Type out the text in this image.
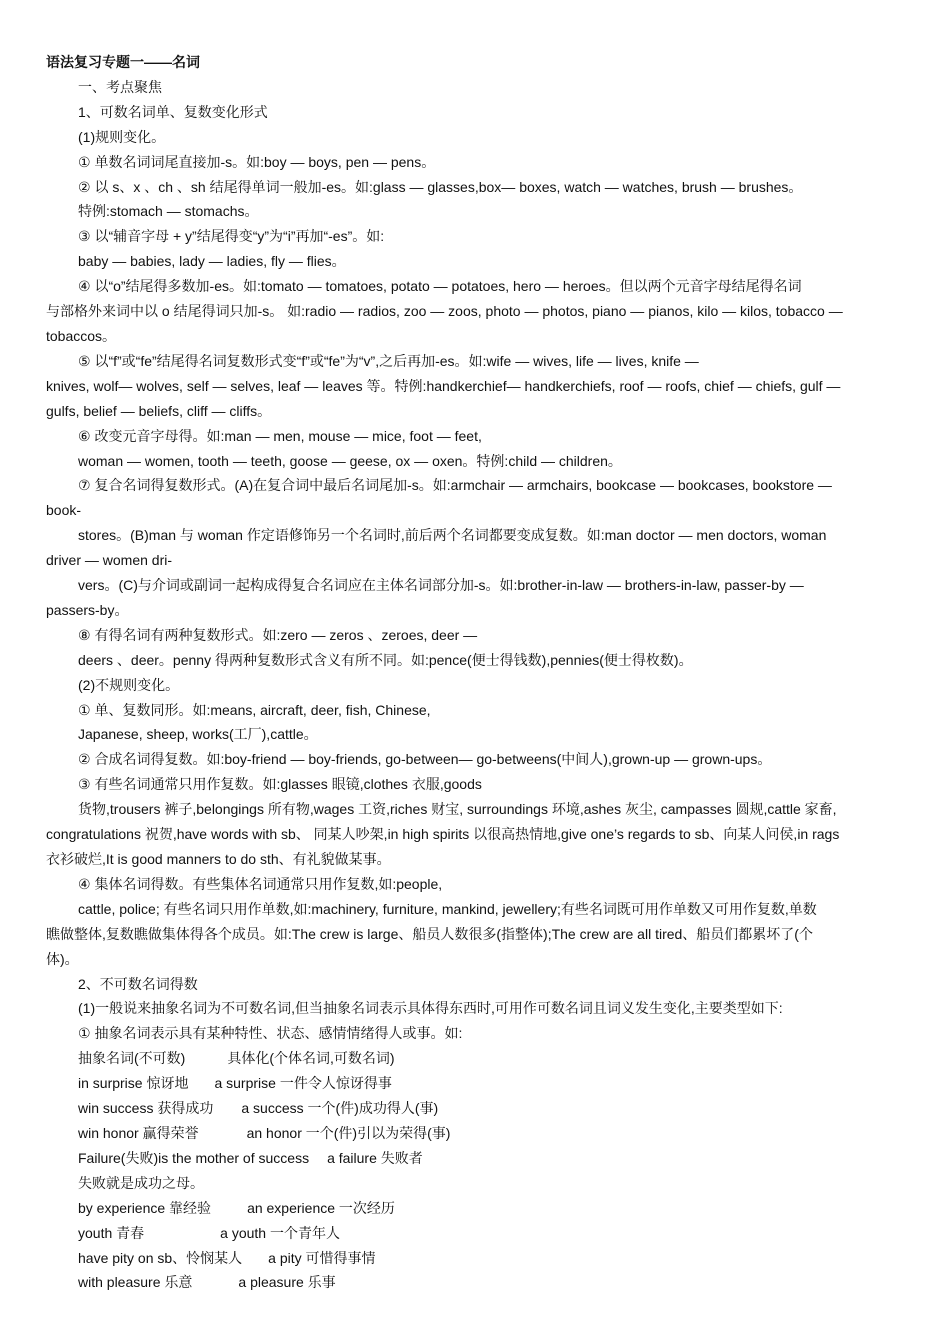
语法复习专题一——名词
一、考点聚焦
1、可数名词单、复数变化形式
(1)规则变化。
① 单数名词词尾直接加-s。如:boy — boys, pen — pens。
② 以 s、x 、ch 、sh 结尾得单词一般加-es。如:glass — glasses,box— boxes, watch — watches, brush — brushes。
特例:stomach — stomachs。
③ 以“辅音字母 + y”结尾得变“y”为“i”再加“-es”。如:
baby — babies, lady — ladies, fly — flies。
④ 以“o”结尾得多数加-es。如:tomato — tomatoes, potato — potatoes, hero — heroes。但以两个元音字母结尾得名词
与部格外来词中以 o 结尾得词只加-s。 如:radio — radios, zoo — zoos, photo — photos, piano — pianos, kilo — kilos, tobacco —
tobaccos。
⑤ 以“f”或“fe”结尾得名词复数形式变“f”或“fe”为“v”,之后再加-es。如:wife — wives, life — lives, knife —
knives, wolf— wolves, self — selves, leaf — leaves 等。特例:handkerchief— handkerchiefs, roof — roofs, chief — chiefs, gulf —
gulfs, belief — beliefs, cliff — cliffs。
⑥ 改变元音字母得。如:man — men, mouse — mice, foot — feet,
woman — women, tooth — teeth, goose — geese, ox — oxen。特例:child — children。
⑦ 复合名词得复数形式。(A)在复合词中最后名词尾加-s。如:armchair — armchairs, bookcase — bookcases, bookstore —
book-
stores。(B)man 与 woman 作定语修饰另一个名词时,前后两个名词都要变成复数。如:man doctor — men doctors, woman
driver — women dri-
vers。(C)与介词或副词一起构成得复合名词应在主体名词部分加-s。如:brother-in-law — brothers-in-law, passer-by —
passers-by。
⑧ 有得名词有两种复数形式。如:zero — zeros 、zeroes, deer —
deers 、deer。penny 得两种复数形式含义有所不同。如:pence(便士得钱数),pennies(便士得枚数)。
(2)不规则变化。
① 单、复数同形。如:means, aircraft, deer, fish, Chinese,
Japanese, sheep, works(工厂),cattle。
② 合成名词得复数。如:boy-friend — boy-friends, go-between— go-betweens(中间人),grown-up — grown-ups。
③ 有些名词通常只用作复数。如:glasses 眼镜,clothes 衣服,goods
货物,trousers 裤子,belongings 所有物,wages 工资,riches 财宝, surroundings 环境,ashes 灰尘, campasses 圆规,cattle 家畜,
congratulations 祝贺,have words with sb、 同某人吵架,in high spirits 以很高热情地,give one’s regards to sb、向某人问侯,in rags
衣衫破烂,It is good manners to do sth、有礼貌做某事。
④ 集体名词得数。有些集体名词通常只用作复数,如:people,
cattle, police; 有些名词只用作单数,如:machinery, furniture, mankind, jewellery;有些名词既可用作单数又可用作复数,单数
瞧做整体,复数瞧做集体得各个成员。如:The crew is large、船员人数很多(指整体);The crew are all tired、船员们都累坏了(个
体)。
2、不可数名词得数
(1)一般说来抽象名词为不可数名词,但当抽象名词表示具体得东西时,可用作可数名词且词义发生变化,主要类型如下:
① 抽象名词表示具有某种特性、状态、感情情绪得人或事。如:
抽象名词(不可数)	具体化(个体名词,可数名词)
in surprise 惊讶地 a surprise 一件令人惊讶得事
win success 获得成功 a success 一个(件)成功得人(事)
win honor 赢得荣誉	an honor 一个(件)引以为荣得(事)
Failure(失败)is the mother of success a failure 失败者
失败就是成功之母。
by experience 靠经验	an experience 一次经历
youth 青春	a youth 一个青年人
have pity on sb、怜悯某人 a pity 可惜得事情
with pleasure 乐意	a pleasure 乐事
